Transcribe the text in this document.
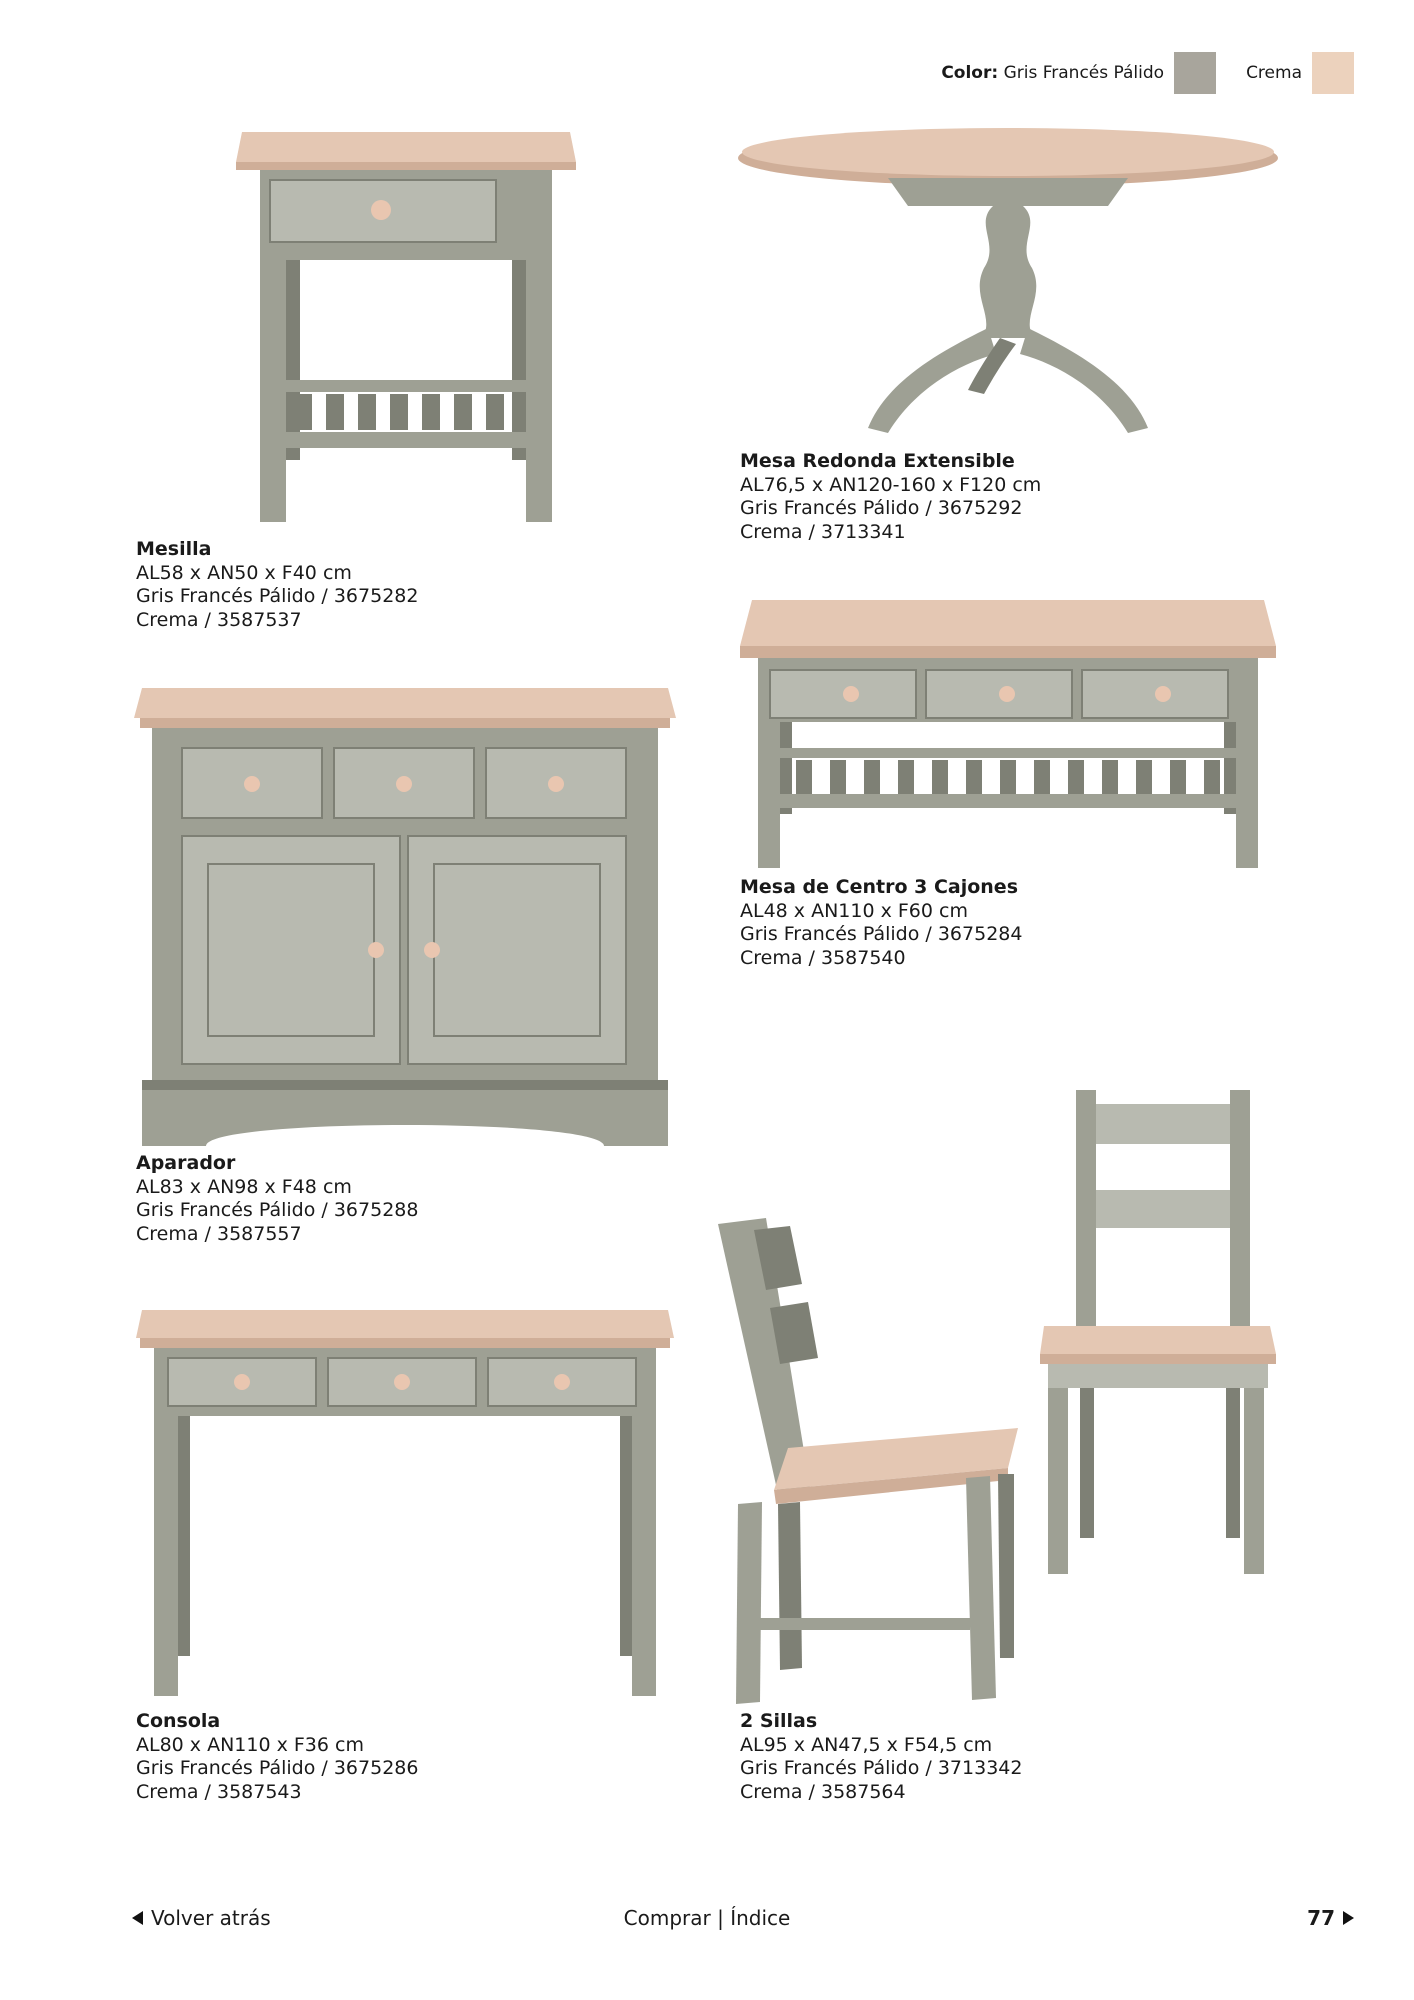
Color: Gris Francés Pálido	Crema
Mesilla
AL58 x AN50 x F40 cm
Gris Francés Pálido / 3675282
Crema / 3587537
Mesa Redonda Extensible
AL76,5 x AN120-160 x F120 cm
Gris Francés Pálido / 3675292
Crema / 3713341
Mesa de Centro 3 Cajones
AL48 x AN110 x F60 cm
Gris Francés Pálido / 3675284
Crema / 3587540
Aparador
AL83 x AN98 x F48 cm
Gris Francés Pálido / 3675288
Crema / 3587557
Consola
AL80 x AN110 x F36 cm
Gris Francés Pálido / 3675286
Crema / 3587543
2 Sillas
AL95 x AN47,5 x F54,5 cm
Gris Francés Pálido / 3713342
Crema / 3587564
Volver atrás	Comprar | Índice	77
